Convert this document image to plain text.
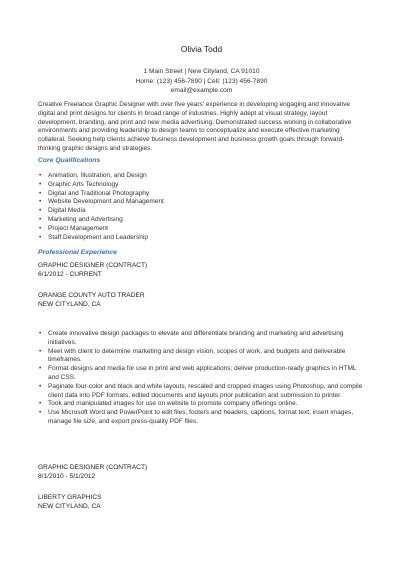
Olivia Todd
1 Main Street | New Cityland, CA 91010
Home: (123) 456-7890 | Cell: (123) 456-7890
email@example.com
Creative Freelance Graphic Designer with over five years' experience in developing engaging and innovative digital and print designs for clients in broad range of industries. Highly adept at visual strategy, layout development, branding, and print and new media advertising. Demonstrated success working in collaborative environments and providing leadership to design teams to conceptualize and execute effective marketing collateral. Seeking help clients achieve business development and business growth goals through forward-thinking graphic designs and strategies.
Core Qualifications
• Animation, Illustration, and Design
• Graphic Arts Technology
• Digital and Traditional Photography
• Website Development and Management
• Digital Media
• Marketing and Advertising
• Project Management
• Staff Development and Leadership
Professional Experience
GRAPHIC DESIGNER (CONTRACT)
6/1/2012 - CURRENT
ORANGE COUNTY AUTO TRADER
NEW CITYLAND, CA
• Create innovative design packages to elevate and differentiate branding and marketing and advertising initiatives.
• Meet with client to determine marketing and design vision, scopes of work, and budgets and deliverable timeframes.
• Format designs and media for use in print and web applications; deliver production-ready graphics in HTML and CSS.
• Paginate four-color and black and white layouts, rescaled and cropped images using Photoshop, and compile client data into PDF formats; edited documents and layouts prior publication and submission to printer.
• Took and manipulated images for use on website to promote company offerings online.
• Use Microsoft Word and PowerPoint to edit files, footers and headers, captions, format text, insert images, manage file size, and export press-quality PDF files.
GRAPHIC DESIGNER (CONTRACT)
8/1/2010 - 5/1/2012
LIBERTY GRAPHICS
NEW CITYLAND, CA
